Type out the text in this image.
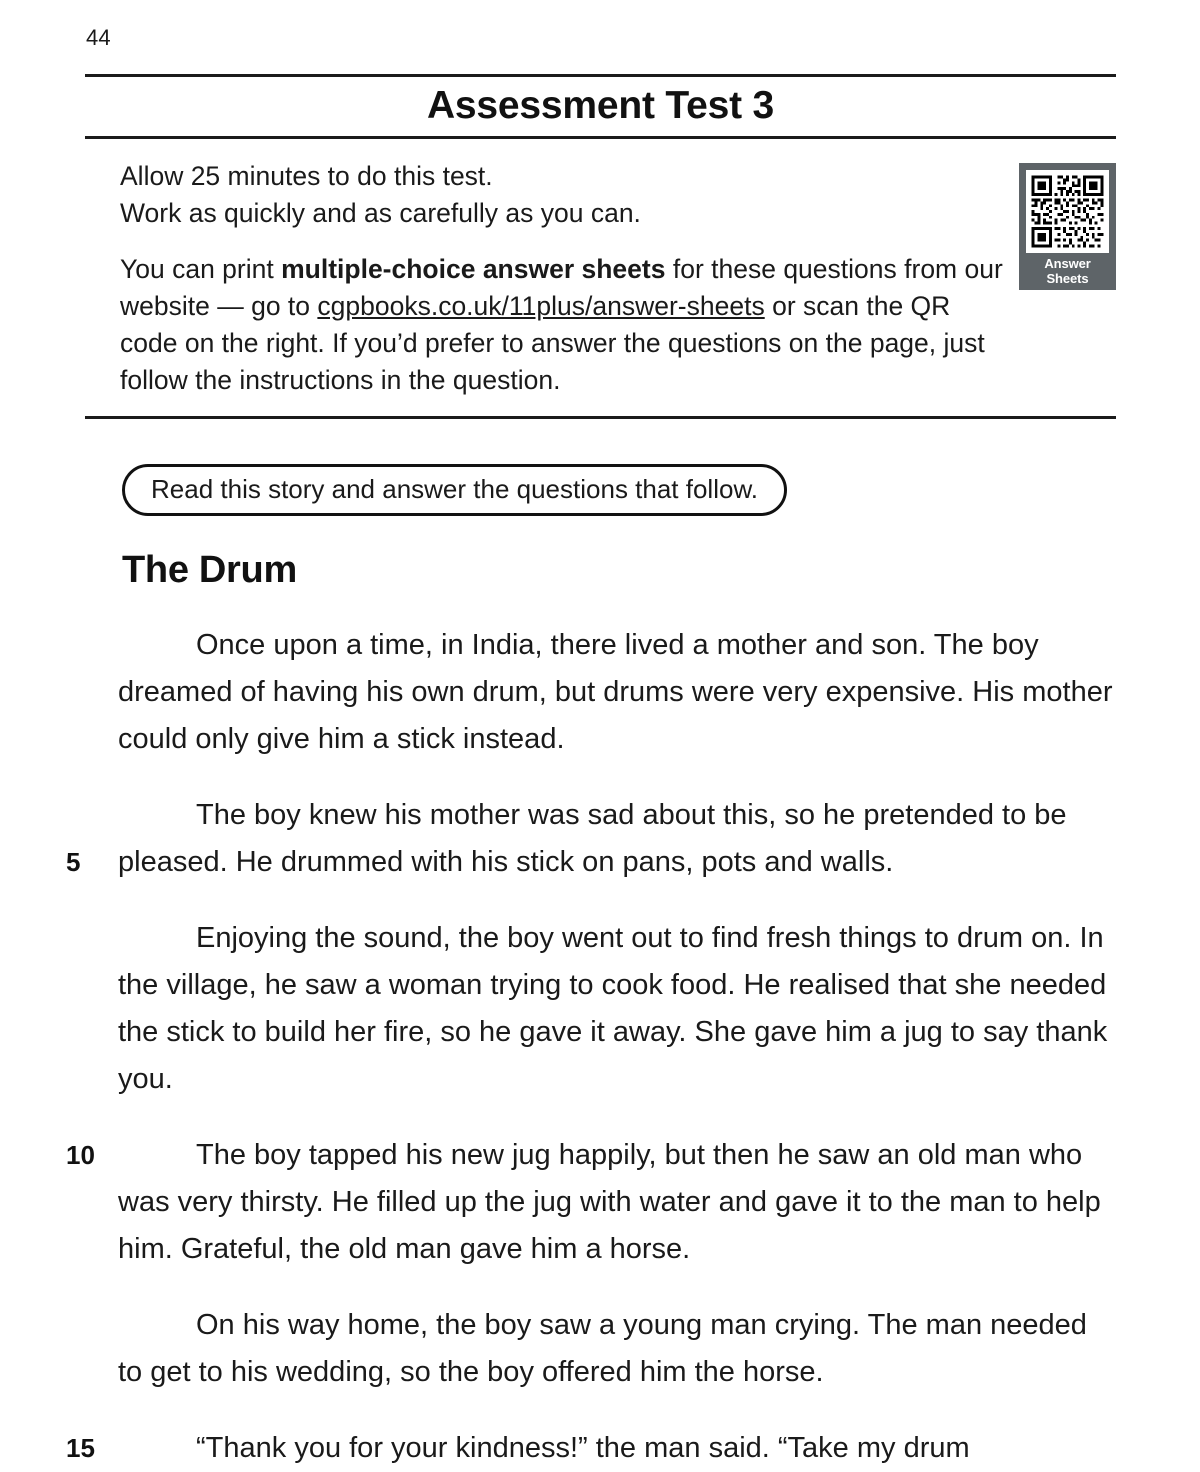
44
Assessment Test 3

Allow 25 minutes to do this test.
Work as quickly and as carefully as you can.

You can print multiple-choice answer sheets for these questions from our website — go to cgpbooks.co.uk/11plus/answer-sheets or scan the QR code on the right. If you’d prefer to answer the questions on the page, just follow the instructions in the question.

Answer
Sheets
Read this story and answer the questions that follow.
The Drum

Once upon a time, in India, there lived a mother and son. The boy dreamed of having his own drum, but drums were very expensive. His mother could only give him a stick instead.

5
The boy knew his mother was sad about this, so he pretended to be pleased. He drummed with his stick on pans, pots and walls.

Enjoying the sound, the boy went out to find fresh things to drum on. In the village, he saw a woman trying to cook food. He realised that she needed the stick to build her fire, so he gave it away. She gave him a jug to say thank you.

10	The boy tapped his new jug happily, but then he saw an old man who was very thirsty. He filled up the jug with water and gave it to the man to help him. Grateful, the old man gave him a horse.

On his way home, the boy saw a young man crying. The man needed to get to his wedding, so the boy offered him the horse.

15	“Thank you for your kindness!” the man said. “Take my drum
